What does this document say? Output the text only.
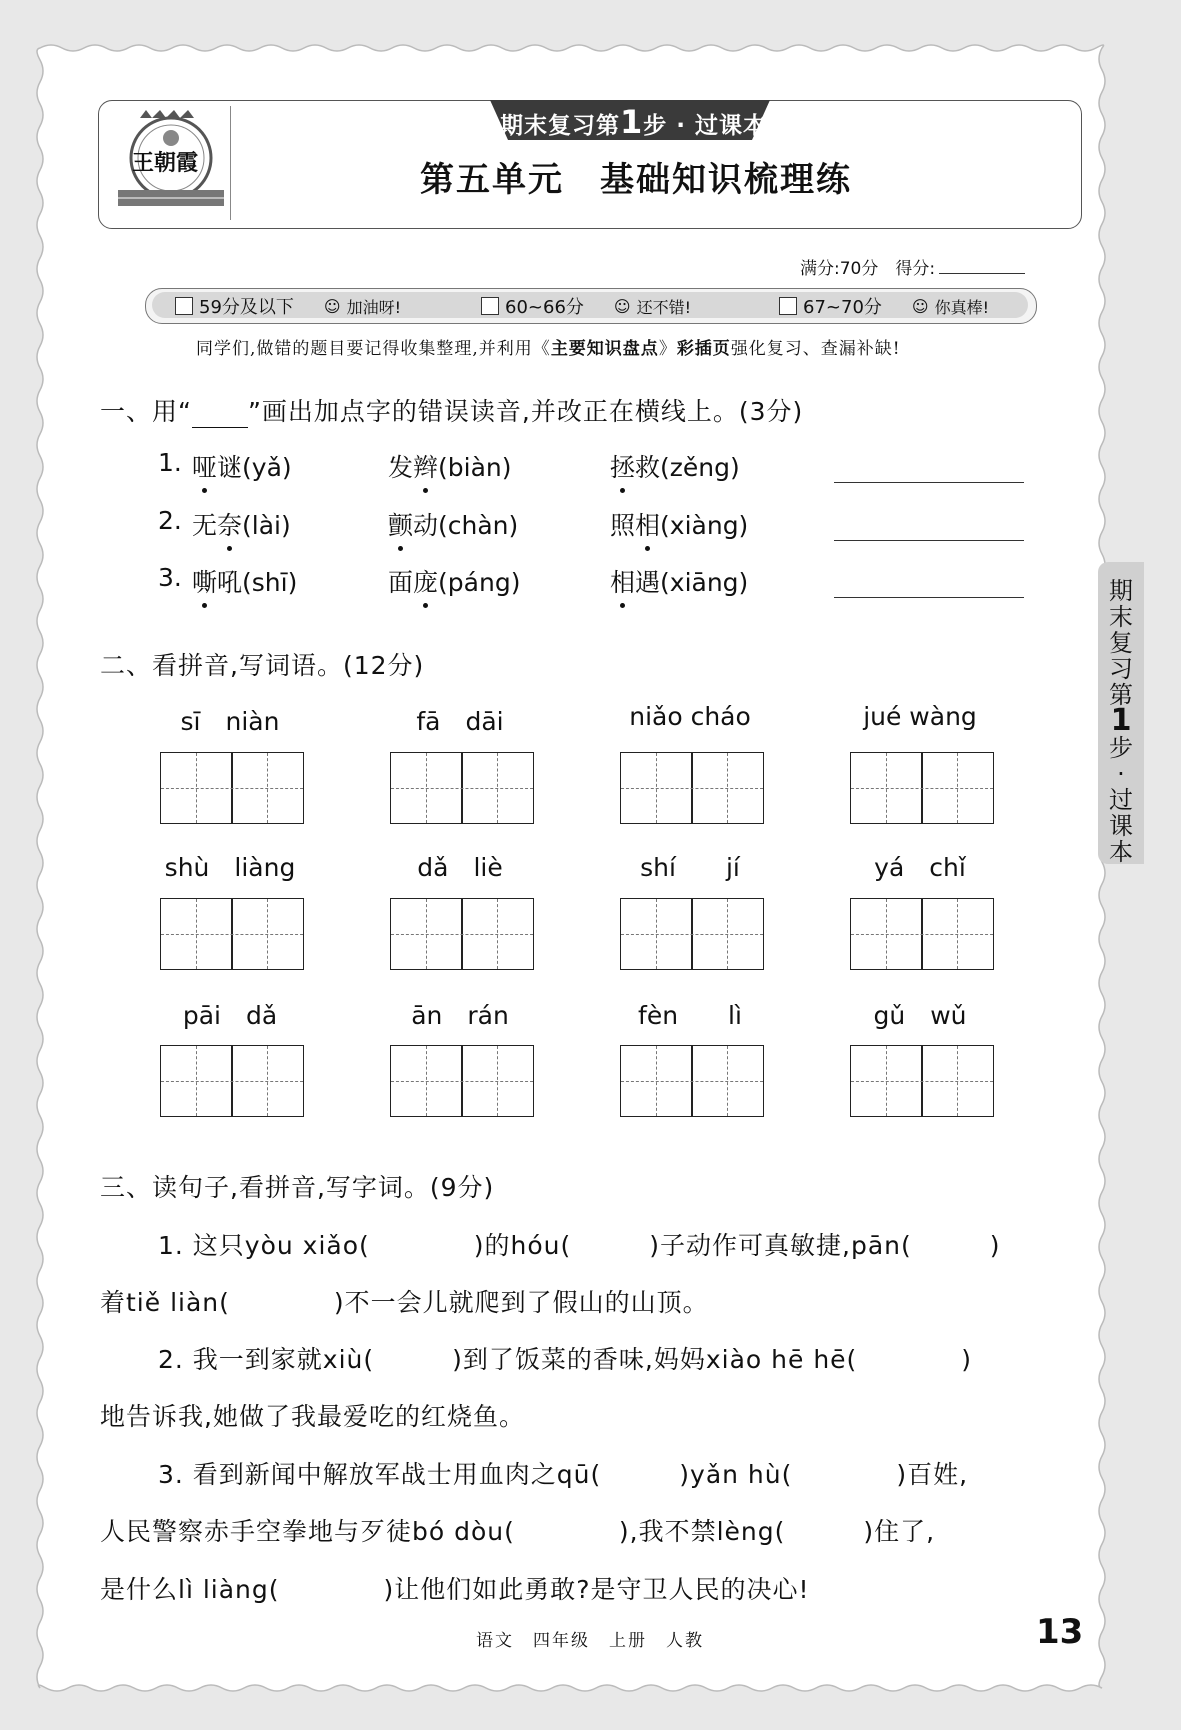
王朝霞
期末复习第1步 · 过课本
第五单元　基础知识梳理练
满分:70分　 得分:
59分及以下
　 ☺ 加油呀!	60~66分
　 ☺ 还不错!	67~70分
　 ☺ 你真棒!
同学们,做错的题目要记得收集整理,并利用《主要知识盘点》彩插页强化复习、查漏补缺!
一、用“ ”画出加点字的错误读音,并改正在横线上。(3分)
1. 哑谜(yǎ)	发辫(biàn)	拯救(zěng)
2. 无奈(lài)	颤动(chàn)	照相(xiàng)
3. 嘶吼(shī)	面庞(páng)	相遇(xiāng)
二、看拼音,写词语。(12分)
sī　niàn	fā　dāi	niǎo cháo	jué wàng
shù　liàng	dǎ　liè	shí　　jí	yá　chǐ
pāi　dǎ	ān　rán	fèn　　lì	gǔ　wǔ
三、读句子,看拼音,写字词。(9分)
1. 这只yòu xiǎo(　　　　)的hóu(　　　)子动作可真敏捷,pān(　　　)
着tiě liàn(　　　　)不一会儿就爬到了假山的山顶。
2. 我一到家就xiù(　　　)到了饭菜的香味,妈妈xiào hē hē(　　　　)
地告诉我,她做了我最爱吃的红烧鱼。
3. 看到新闻中解放军战士用血肉之qū(　　　)yǎn hù(　　　　)百姓,
人民警察赤手空拳地与歹徒bó dòu(　　　　),我不禁lèng(　　　)住了,
是什么lì liàng(　　　　)让他们如此勇敢?是守卫人民的决心!
期末复习第1步·过课本
语文　四年级　上册　人教	13
